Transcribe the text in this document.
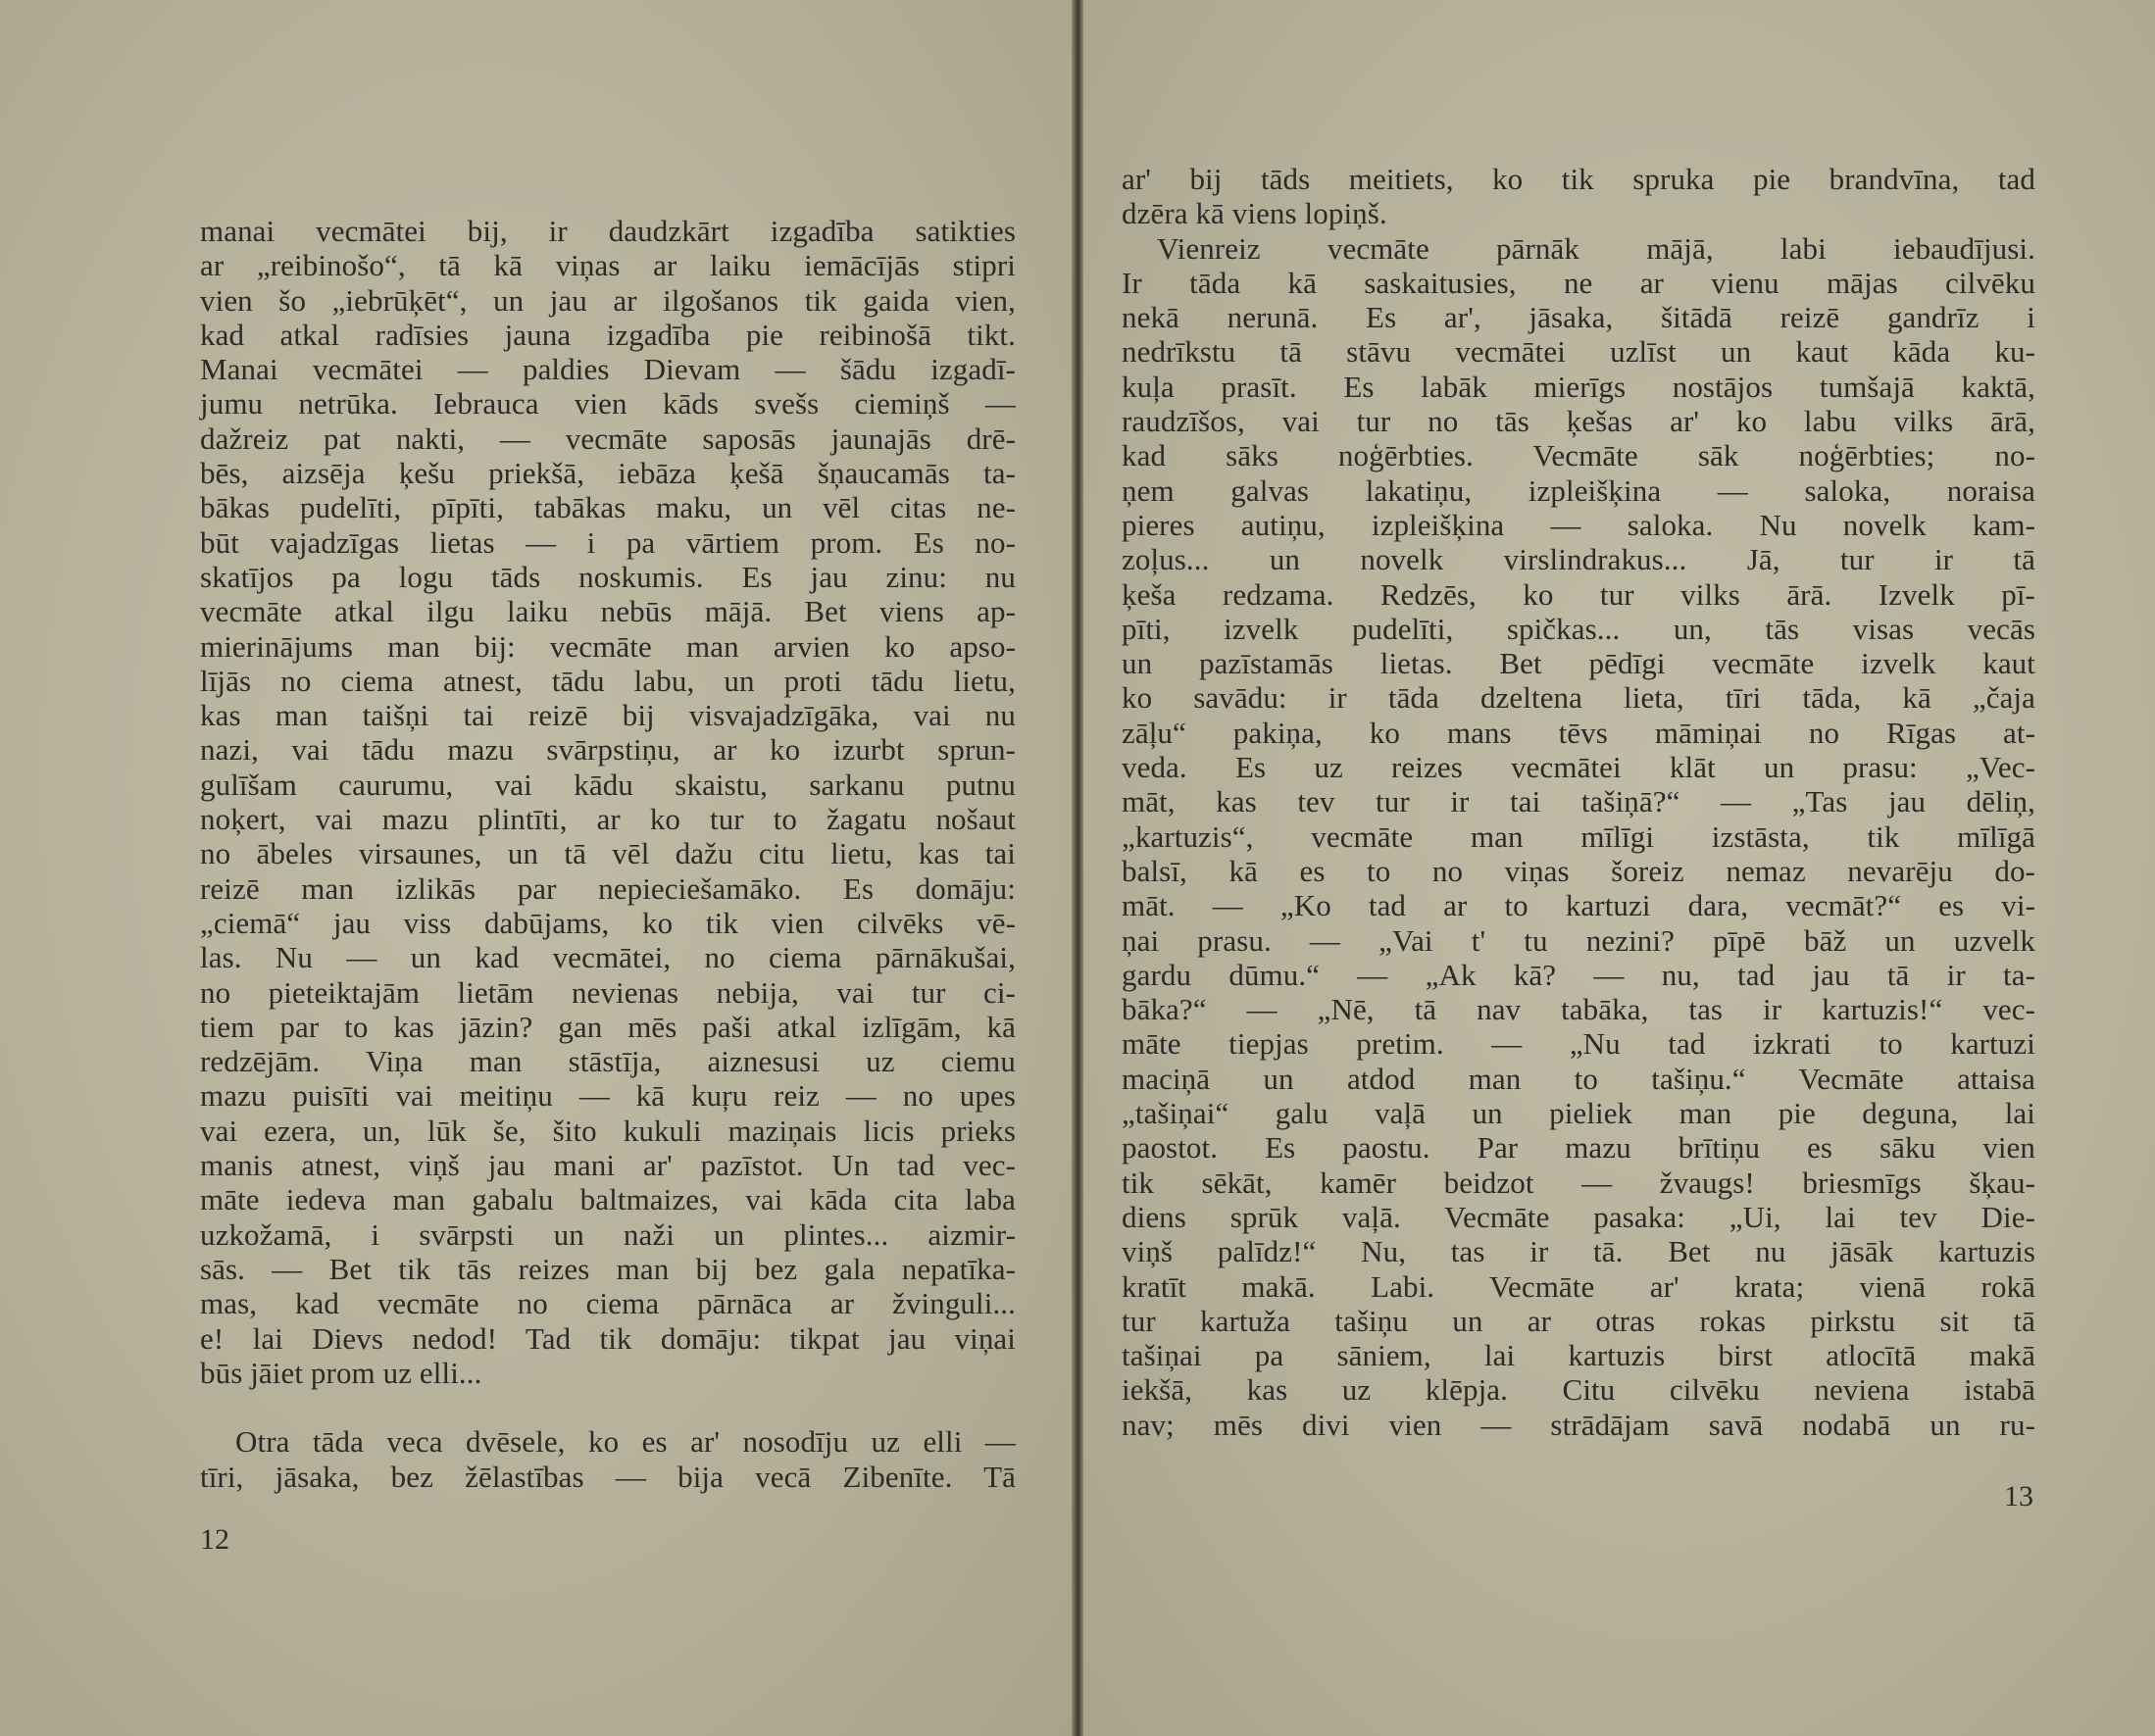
manai vecmātei bij, ir daudzkārt izgadība satikties
ar „reibinošo“, tā kā viņas ar laiku iemācījās stipri
vien šo „iebrūķēt“, un jau ar ilgošanos tik gaida vien,
kad atkal radīsies jauna izgadība pie reibinošā tikt.
Manai vecmātei — paldies Dievam — šādu izgadī-
jumu netrūka. Iebrauca vien kāds svešs ciemiņš —
dažreiz pat nakti, — vecmāte saposās jaunajās drē-
bēs, aizsēja ķešu priekšā, iebāza ķešā šņaucamās ta-
bākas pudelīti, pīpīti, tabākas maku, un vēl citas ne-
būt vajadzīgas lietas — i pa vārtiem prom. Es no-
skatījos pa logu tāds noskumis. Es jau zinu: nu
vecmāte atkal ilgu laiku nebūs mājā. Bet viens ap-
mierinājums man bij: vecmāte man arvien ko apso-
lījās no ciema atnest, tādu labu, un proti tādu lietu,
kas man taišņi tai reizē bij visvajadzīgāka, vai nu
nazi, vai tādu mazu svārpstiņu, ar ko izurbt sprun-
gulīšam caurumu, vai kādu skaistu, sarkanu putnu
noķert, vai mazu plintīti, ar ko tur to žagatu nošaut
no ābeles virsaunes, un tā vēl dažu citu lietu, kas tai
reizē man izlikās par nepieciešamāko. Es domāju:
„ciemā“ jau viss dabūjams, ko tik vien cilvēks vē-
las. Nu — un kad vecmātei, no ciema pārnākušai,
no pieteiktajām lietām nevienas nebija, vai tur ci-
tiem par to kas jāzin? gan mēs paši atkal izlīgām, kā
redzējām. Viņa man stāstīja, aiznesusi uz ciemu
mazu puisīti vai meitiņu — kā kuŗu reiz — no upes
vai ezera, un, lūk še, šito kukuli maziņais licis prieks
manis atnest, viņš jau mani ar' pazīstot. Un tad vec-
māte iedeva man gabalu baltmaizes, vai kāda cita laba
uzkožamā, i svārpsti un naži un plintes... aizmir-
sās. — Bet tik tās reizes man bij bez gala nepatīka-
mas, kad vecmāte no ciema pārnāca ar žvinguli...
e! lai Dievs nedod! Tad tik domāju: tikpat jau viņai
būs jāiet prom uz elli...
Otra tāda veca dvēsele, ko es ar' nosodīju uz elli —
tīri, jāsaka, bez žēlastības — bija vecā Zibenīte. Tā
12
ar' bij tāds meitiets, ko tik spruka pie brandvīna, tad
dzēra kā viens lopiņš.
Vienreiz vecmāte pārnāk mājā, labi iebaudījusi.
Ir tāda kā saskaitusies, ne ar vienu mājas cilvēku
nekā nerunā. Es ar', jāsaka, šitādā reizē gandrīz i
nedrīkstu tā stāvu vecmātei uzlīst un kaut kāda ku-
kuļa prasīt. Es labāk mierīgs nostājos tumšajā kaktā,
raudzīšos, vai tur no tās ķešas ar' ko labu vilks ārā,
kad sāks noģērbties. Vecmāte sāk noģērbties; no-
ņem galvas lakatiņu, izpleišķina — saloka, noraisa
pieres autiņu, izpleišķina — saloka. Nu novelk kam-
zoļus... un novelk virslindrakus... Jā, tur ir tā
ķeša redzama. Redzēs, ko tur vilks ārā. Izvelk pī-
pīti, izvelk pudelīti, spičkas... un, tās visas vecās
un pazīstamās lietas. Bet pēdīgi vecmāte izvelk kaut
ko savādu: ir tāda dzeltena lieta, tīri tāda, kā „čaja
zāļu“ pakiņa, ko mans tēvs māmiņai no Rīgas at-
veda. Es uz reizes vecmātei klāt un prasu: „Vec-
māt, kas tev tur ir tai tašiņā?“ — „Tas jau dēliņ,
„kartuzis“, vecmāte man mīlīgi izstāsta, tik mīlīgā
balsī, kā es to no viņas šoreiz nemaz nevarēju do-
māt. — „Ko tad ar to kartuzi dara, vecmāt?“ es vi-
ņai prasu. — „Vai t' tu nezini? pīpē bāž un uzvelk
gardu dūmu.“ — „Ak kā? — nu, tad jau tā ir ta-
bāka?“ — „Nē, tā nav tabāka, tas ir kartuzis!“ vec-
māte tiepjas pretim. — „Nu tad izkrati to kartuzi
maciņā un atdod man to tašiņu.“ Vecmāte attaisa
„tašiņai“ galu vaļā un pieliek man pie deguna, lai
paostot. Es paostu. Par mazu brītiņu es sāku vien
tik sēkāt, kamēr beidzot — žvaugs! briesmīgs šķau-
diens sprūk vaļā. Vecmāte pasaka: „Ui, lai tev Die-
viņš palīdz!“ Nu, tas ir tā. Bet nu jāsāk kartuzis
kratīt makā. Labi. Vecmāte ar' krata; vienā rokā
tur kartuža tašiņu un ar otras rokas pirkstu sit tā
tašiņai pa sāniem, lai kartuzis birst atlocītā makā
iekšā, kas uz klēpja. Citu cilvēku neviena istabā
nav; mēs divi vien — strādājam savā nodabā un ru-
13
